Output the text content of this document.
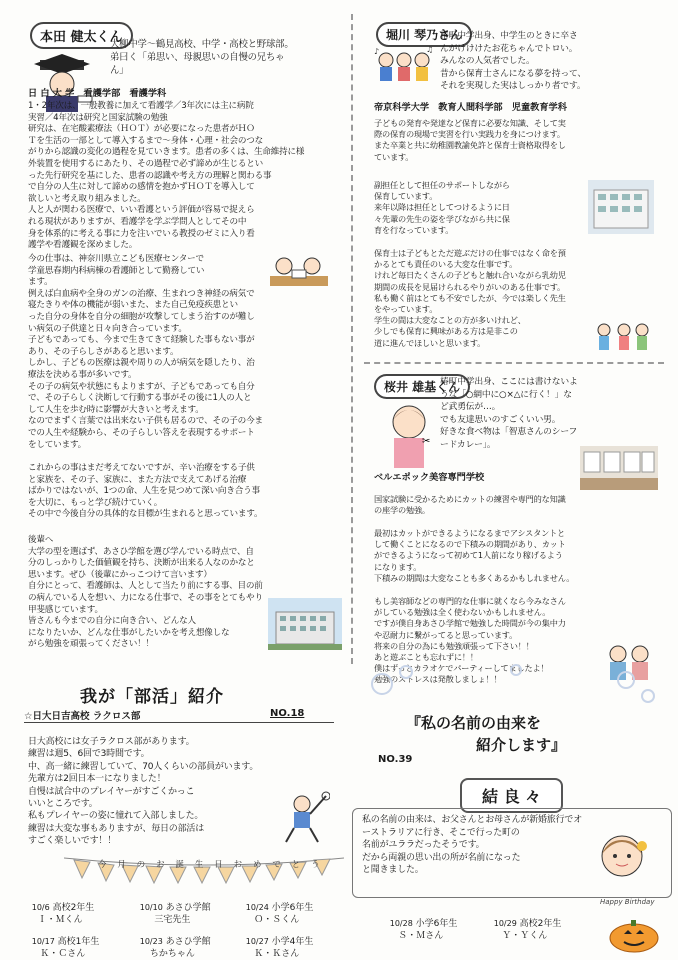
本田 健太くん
大柳中学〜鶴見高校、中学・高校と野球部。
弟曰く「弟思い、母親思いの自慢の兄ちゃ
ん」
日 白 大 学　看護学部　看護学科
1・2年次は、一般教養に加えて看護学／3年次には主に病院
実習／4年次は研究と国家試験の勉強
研究は、在宅酸素療法（ＨＯＴ）が必要になった患者がＨＯ
Ｔを生活の一部として導入するまで〜身体・心理・社会のつな
がりから認識の変化の過程を見ていきます。患者の多くは、生命維持に様
外装置を使用するにあたり、その過程で必ず諦めが生じるとい
った先行研究を基にした、患者の認識や考え方の理解と関わる事
で自分の人生に対して諦めの感情を抱かずＨＯＴを導入して
欲しいと考え取り組みました。
人と人が関わる医療で、いい看護という評価が容易で捉えら
れる現状がありますが、看護学を学ぶ学問人としてその中
身を体系的に考える事に力を注いでいる教授のゼミに入り看
護学や看護観を深めました。
今の仕事は、神奈川県立こども医療センターで
学童思春期内科病棟の看護師として勤務してい
ます。
例えば白血病や全身のガンの治療、生まれつき神経の病気で
寝たきりや体の機能が弱いまた、また自己免疫疾患とい
った自分の身体を自分の細胞が攻撃してしまう治すのが難し
い病気の子供達と日々向き合っています。
子どもであっても、今まで生きてきて経験した事もない事が
あり、その子らしさがあると思います。
しかし、子どもの医療は親や周りの人が病気を隠したり、治
療法を決める事が多いです。
その子の病気や状態にもよりますが、子どもであっても自分
で、その子らしく決断して行動する事がその後に1人の人と
して人生を歩む時に影響が大きいと考えます。
なのでまずく言葉では出来ない子供も居るので、その子の今ま
での人生や経験から、その子らしい答えを表現するサポート
をしています。
これからの事はまだ考えてないですが、辛い治療をする子供
と家族を、その子、家族に、また方法で支えてあげる治療
ばかりではないが、1つの命、人生を見つめて深い向き合う事
を大切に、もっと学び続けていく。
その中で今後自分の具体的な目標が生まれると思っています。
後輩へ
大学の型を選ばず、あさひ学館を選び学んでいる時点で、自
分のしっかりした価値観を持ち、決断が出来る人なのかなと
思います。ぜひ（後輩にかっこつけて言います）
自分にとって、看護師は、人として当たり前にする事、目の前
の病んでいる人を想い、力になる仕事で、その事をとてもやり
甲斐感じています。
皆さんも今までの自分に向き合い、どんな人
になりたいか、どんな仕事がしたいかを考え想像しな
がら勉強を頑張ってください！！
堀川 琴乃さん
♪	♫
椿町中学出身、中学生のときに卒さ
んがけけけたお花ちゃんでトロい。
みんなの人気者でした。
昔から保育士さんになる夢を持って、
それを実現した実はしっかり者です。
帝京科学大学　教育人間科学部　児童教育学科
子どもの発育や発達など保育に必要な知識、そして実
際の保育の現場で実習を行い実践力を身につけます。
また卒業と共に幼稚園教諭免許と保育士資格取得をし
ています。
副担任として担任のサポートしながら
保育しています。
来年以降は担任としてつけるように日
々先輩の先生の姿を学びながら共に保
育を行なっています。
保育士は子どもとただ遊ぶだけの仕事ではなく命を預
かるとても責任のいる大変な仕事です。
けれど毎日たくさんの子どもと触れ合いながら乳幼児
期間の成長を見届けられるやりがいのある仕事です。
私も働く前はとても不安でしたが、今では楽しく先生
をやっています。
学生の間は大変なことの方が多いけれど、
少しでも保育に興味がある方は是非この
道に進んでほしいと思います。
桜井 雄基くん
✂
椿町中学出身、ここには書けないよ
うな「○網中に○×△に行く！」な
ど武勇伝が…。
でも友達思いのすごくいい男。
好きな食べ物は「智恵さんのシーフ
ードカレー」。
ベルエポック美容専門学校
国家試験に受かるためにカットの練習や専門的な知識
の座学の勉強。
最初はカットができるようになるまでアシスタントと
して働くことになるので下積みの期間があり、カット
ができるようになって初めて1人前になり稼げるよう
になります。
下積みの期間は大変なことも多くあるかもしれません。
もし美容師などの専門的な仕事に就くなら今みなさん
がしている勉強は全く使わないかもしれません。
ですが僕自身あさひ学館で勉強した時間が今の集中力
や忍耐力に繋がってると思っています。
将来の自分の為にも勉強頑張って下さい！！
あと遊ぶことも忘れずに！！
僕はずっとカラオケでパーティーしてましたよ！
勉強のストレスは発散しましょ！！
我が「部活」紹介
☆日大日吉高校 ラクロス部	NO.18
日大高校には女子ラクロス部があります。
練習は週5、6回で3時間です。
中、高一緒に練習していて、70人くらいの部員がいます。
先輩方は2回日本一になりました！
自慢は試合中のプレイヤーがすごくかっこ
いいところです。
私もプレイヤーの姿に憧れて入部しました。
練習は大変な事もありますが、毎日の部活は
すごく楽しいです！！
『私の名前の由来を
紹介します』
NO.39
結 良 々
私の名前の由来は、お父さんとお母さんが新婚旅行でオ
ーストラリアに行き、そこで行った町の
名前がユララだったそうです。
だから両親の思い出の所が名前になった
と聞きました。
今月のお誕生日おめでとう

10/6 高校2年生
Ｉ・Ｍくん

10/10 あさひ学館
三宅先生

10/24 小学6年生
Ｏ・Ｓくん

10/17 高校1年生
Ｋ・Ｃさん

10/23 あさひ学館
ちかちゃん

10/27 小学4年生
Ｋ・Ｋさん

10/28 小学6年生
Ｓ・Ｍさん

10/29 高校2年生
Ｙ・Ｙくん

Happy Birthday
